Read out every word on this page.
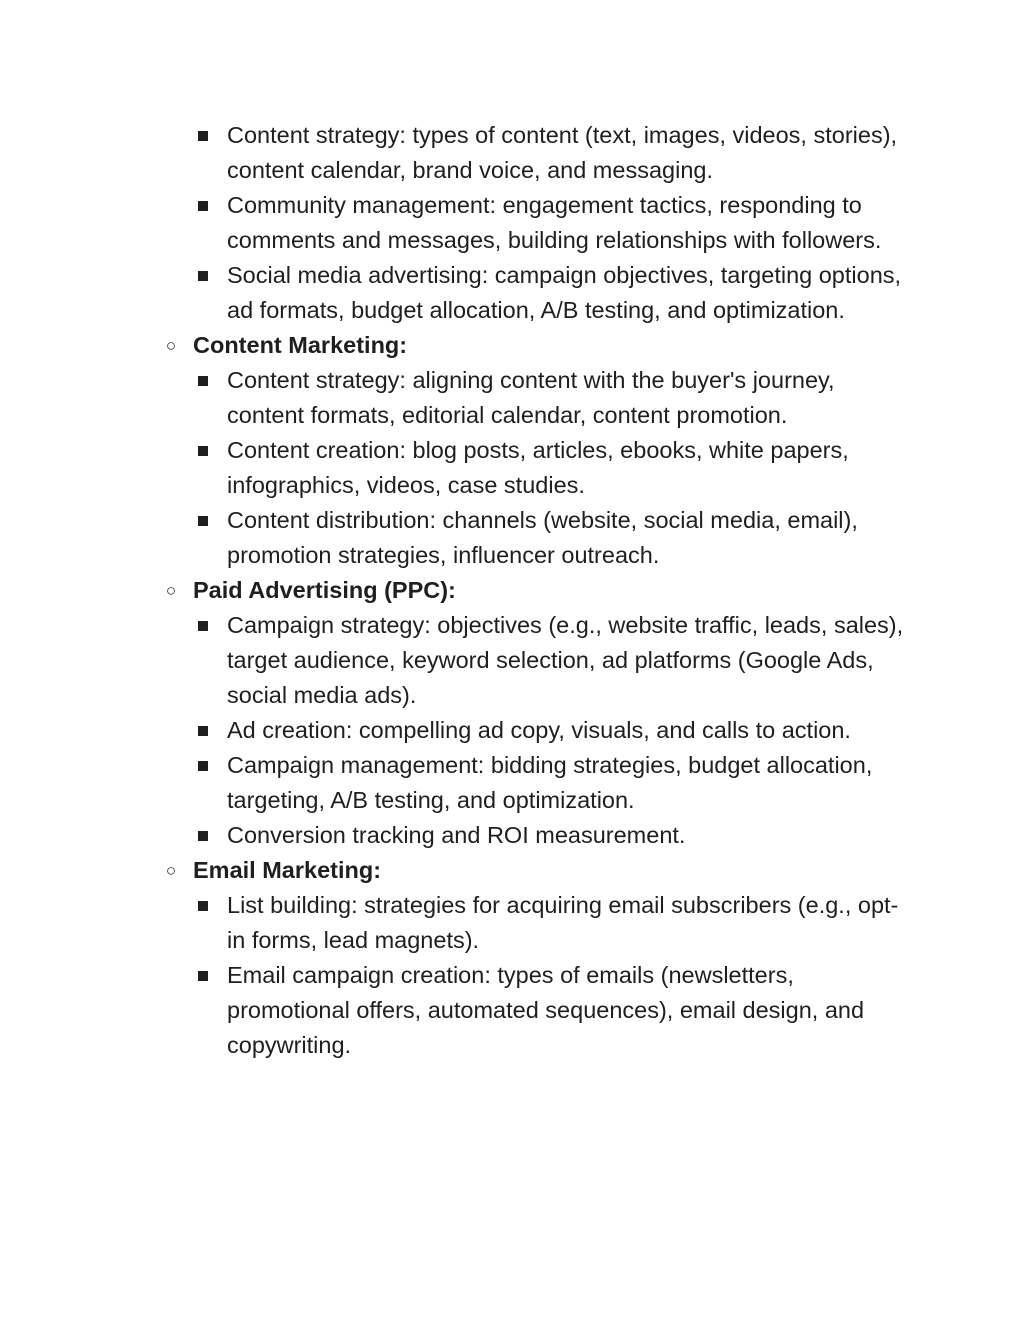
Content strategy: types of content (text, images, videos, stories), content calendar, brand voice, and messaging.
Community management: engagement tactics, responding to comments and messages, building relationships with followers.
Social media advertising: campaign objectives, targeting options, ad formats, budget allocation, A/B testing, and optimization.
○ Content Marketing:
Content strategy: aligning content with the buyer's journey, content formats, editorial calendar, content promotion.
Content creation: blog posts, articles, ebooks, white papers, infographics, videos, case studies.
Content distribution: channels (website, social media, email), promotion strategies, influencer outreach.
○ Paid Advertising (PPC):
Campaign strategy: objectives (e.g., website traffic, leads, sales), target audience, keyword selection, ad platforms (Google Ads, social media ads).
Ad creation: compelling ad copy, visuals, and calls to action.
Campaign management: bidding strategies, budget allocation, targeting, A/B testing, and optimization.
Conversion tracking and ROI measurement.
○ Email Marketing:
List building: strategies for acquiring email subscribers (e.g., opt-in forms, lead magnets).
Email campaign creation: types of emails (newsletters, promotional offers, automated sequences), email design, and copywriting.
